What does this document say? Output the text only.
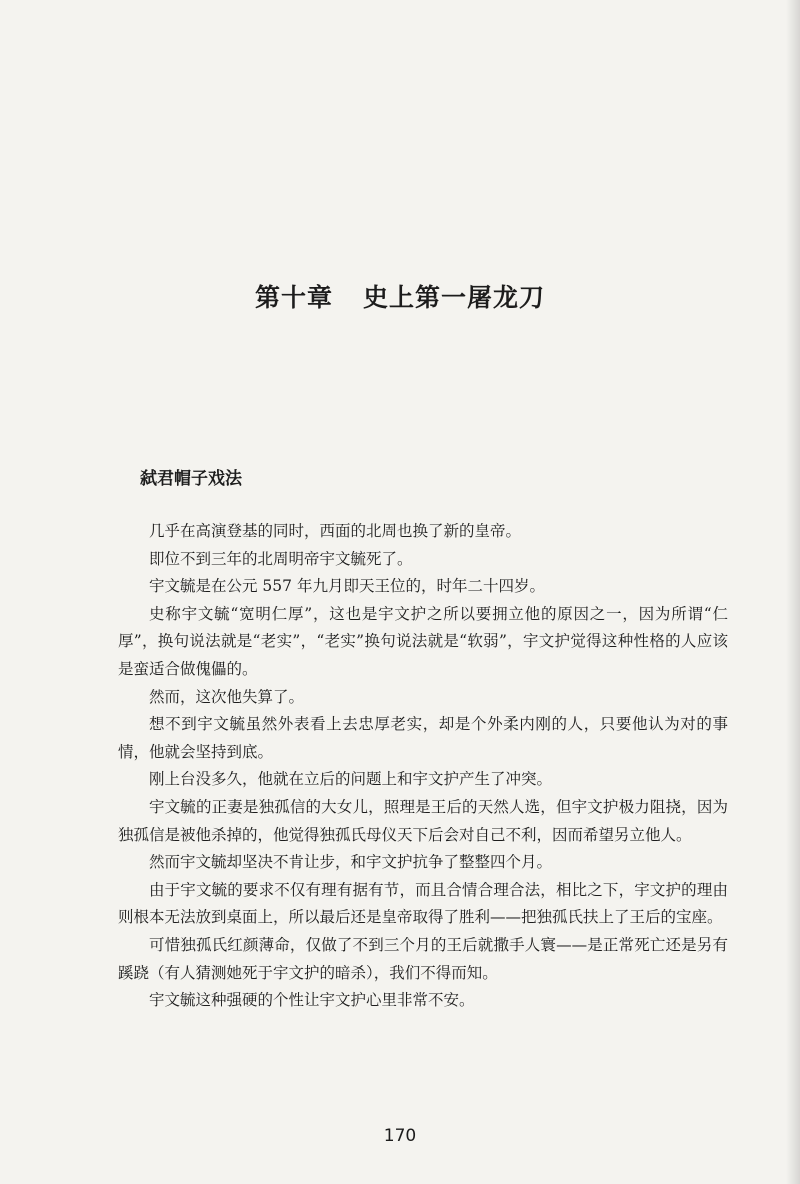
第十章 史上第一屠龙刀
弑君帽子戏法

几乎在高演登基的同时，西面的北周也换了新的皇帝。

即位不到三年的北周明帝宇文毓死了。

宇文毓是在公元 557 年九月即天王位的，时年二十四岁。

史称宇文毓“宽明仁厚”，这也是宇文护之所以要拥立他的原因之一，因为所谓“仁厚”，换句说法就是“老实”，“老实”换句说法就是“软弱”，宇文护觉得这种性格的人应该是蛮适合做傀儡的。

然而，这次他失算了。

想不到宇文毓虽然外表看上去忠厚老实，却是个外柔内刚的人，只要他认为对的事情，他就会坚持到底。

刚上台没多久，他就在立后的问题上和宇文护产生了冲突。

宇文毓的正妻是独孤信的大女儿，照理是王后的天然人选，但宇文护极力阻挠，因为独孤信是被他杀掉的，他觉得独孤氏母仪天下后会对自己不利，因而希望另立他人。

然而宇文毓却坚决不肯让步，和宇文护抗争了整整四个月。

由于宇文毓的要求不仅有理有据有节，而且合情合理合法，相比之下，宇文护的理由则根本无法放到桌面上，所以最后还是皇帝取得了胜利——把独孤氏扶上了王后的宝座。

可惜独孤氏红颜薄命，仅做了不到三个月的王后就撒手人寰——是正常死亡还是另有蹊跷（有人猜测她死于宇文护的暗杀），我们不得而知。

宇文毓这种强硬的个性让宇文护心里非常不安。

170
